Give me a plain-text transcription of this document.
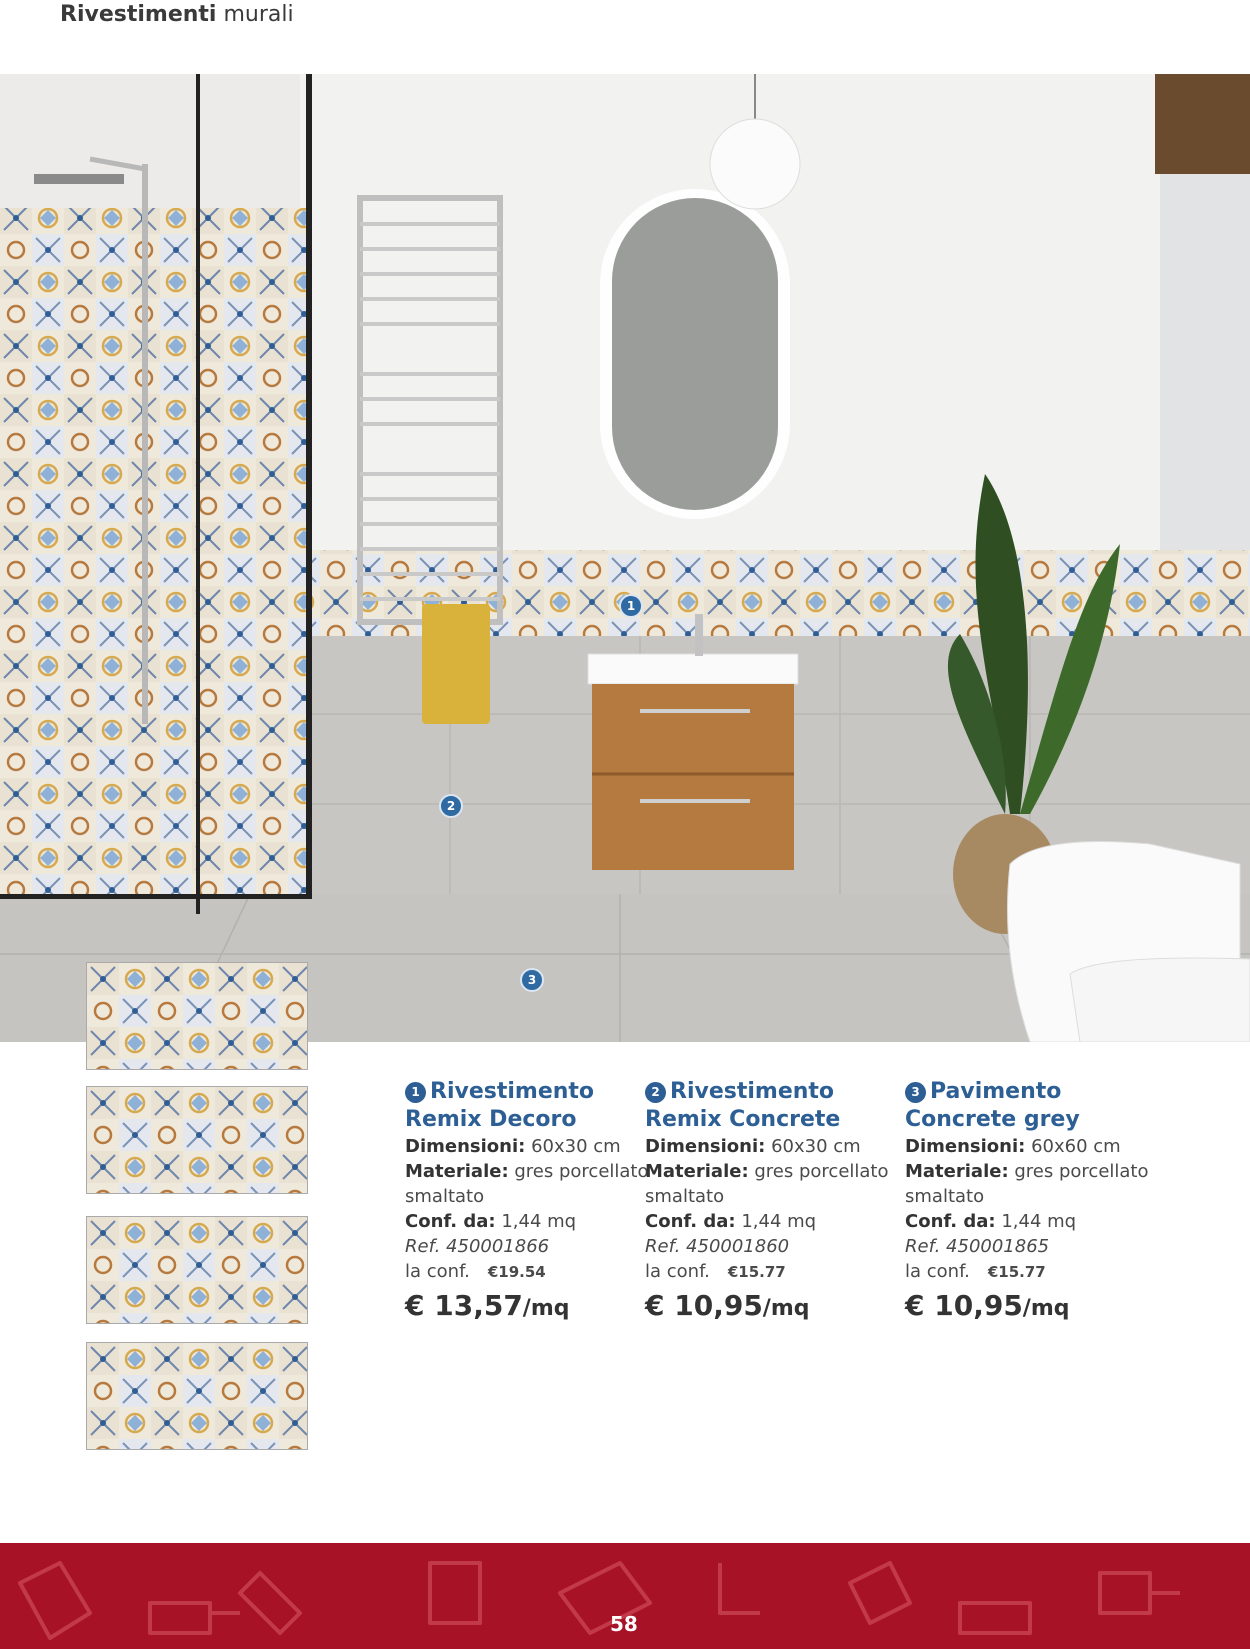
Rivestimenti murali
1
2
3
1 Rivestimento
Remix Decoro
Dimensioni: 60x30 cm
Materiale: gres porcellato smaltato
Conf. da: 1,44 mq
Ref. 450001866
la conf. €19.54
€ 13,57/mq
2 Rivestimento
Remix Concrete
Dimensioni: 60x30 cm
Materiale: gres porcellato smaltato
Conf. da: 1,44 mq
Ref. 450001860
la conf. €15.77
€ 10,95/mq
3 Pavimento
Concrete grey
Dimensioni: 60x60 cm
Materiale: gres porcellato smaltato
Conf. da: 1,44 mq
Ref. 450001865
la conf. €15.77
€ 10,95/mq
58
